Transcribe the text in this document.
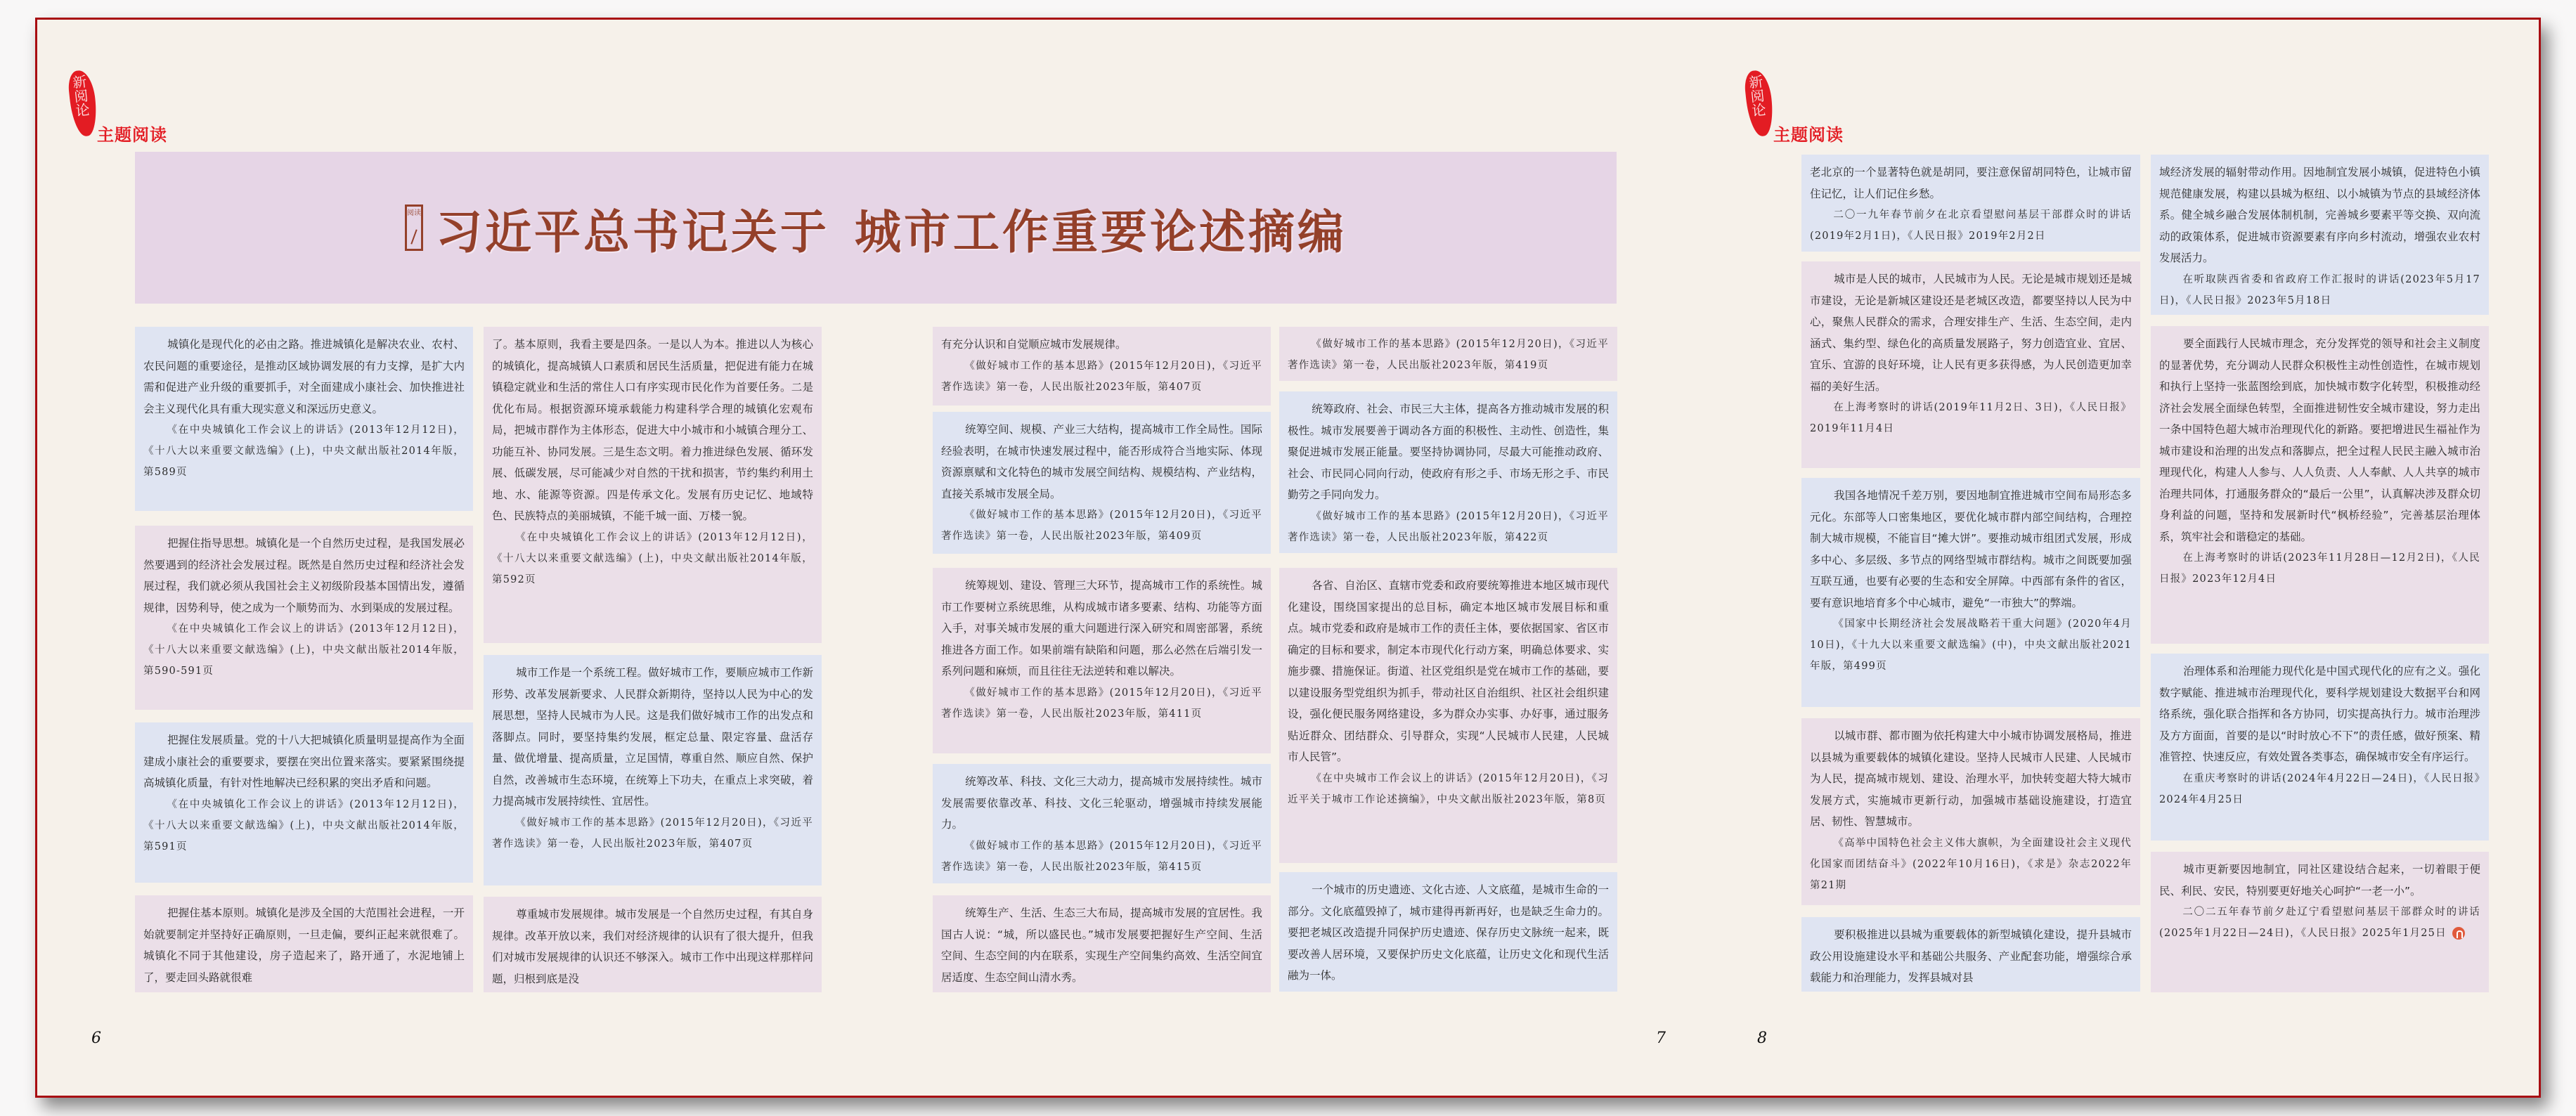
新阅论
主题阅读
新阅论
主题阅读
阅读 习近平总书记关于 城市工作重要论述摘编

城镇化是现代化的必由之路。推进城镇化是解决农业、农村、农民问题的重要途径，是推动区域协调发展的有力支撑，是扩大内需和促进产业升级的重要抓手，对全面建成小康社会、加快推进社会主义现代化具有重大现实意义和深远历史意义。

《在中央城镇化工作会议上的讲话》(2013年12月12日)，《十八大以来重要文献选编》(上)，中央文献出版社2014年版，第589页

把握住指导思想。城镇化是一个自然历史过程，是我国发展必然要遇到的经济社会发展过程。既然是自然历史过程和经济社会发展过程，我们就必须从我国社会主义初级阶段基本国情出发，遵循规律，因势利导，使之成为一个顺势而为、水到渠成的发展过程。

《在中央城镇化工作会议上的讲话》(2013年12月12日)，《十八大以来重要文献选编》(上)，中央文献出版社2014年版，第590-591页

把握住发展质量。党的十八大把城镇化质量明显提高作为全面建成小康社会的重要要求，要摆在突出位置来落实。要紧紧围绕提高城镇化质量，有针对性地解决已经积累的突出矛盾和问题。

《在中央城镇化工作会议上的讲话》(2013年12月12日)，《十八大以来重要文献选编》(上)，中央文献出版社2014年版，第591页

把握住基本原则。城镇化是涉及全国的大范围社会进程，一开始就要制定并坚持好正确原则，一旦走偏，要纠正起来就很难了。城镇化不同于其他建设，房子造起来了，路开通了，水泥地铺上了，要走回头路就很难

了。基本原则，我看主要是四条。一是以人为本。推进以人为核心的城镇化，提高城镇人口素质和居民生活质量，把促进有能力在城镇稳定就业和生活的常住人口有序实现市民化作为首要任务。二是优化布局。根据资源环境承载能力构建科学合理的城镇化宏观布局，把城市群作为主体形态，促进大中小城市和小城镇合理分工、功能互补、协同发展。三是生态文明。着力推进绿色发展、循环发展、低碳发展，尽可能减少对自然的干扰和损害，节约集约利用土地、水、能源等资源。四是传承文化。发展有历史记忆、地域特色、民族特点的美丽城镇，不能千城一面、万楼一貌。

《在中央城镇化工作会议上的讲话》(2013年12月12日)，《十八大以来重要文献选编》(上)，中央文献出版社2014年版，第592页

城市工作是一个系统工程。做好城市工作，要顺应城市工作新形势、改革发展新要求、人民群众新期待，坚持以人民为中心的发展思想，坚持人民城市为人民。这是我们做好城市工作的出发点和落脚点。同时，要坚持集约发展，框定总量、限定容量、盘活存量、做优增量、提高质量，立足国情，尊重自然、顺应自然、保护自然，改善城市生态环境，在统筹上下功夫，在重点上求突破，着力提高城市发展持续性、宜居性。

《做好城市工作的基本思路》(2015年12月20日)，《习近平著作选读》第一卷，人民出版社2023年版，第407页

尊重城市发展规律。城市发展是一个自然历史过程，有其自身规律。改革开放以来，我们对经济规律的认识有了很大提升，但我们对城市发展规律的认识还不够深入。城市工作中出现这样那样问题，归根到底是没

有充分认识和自觉顺应城市发展规律。

《做好城市工作的基本思路》(2015年12月20日)，《习近平著作选读》第一卷，人民出版社2023年版，第407页

统筹空间、规模、产业三大结构，提高城市工作全局性。国际经验表明，在城市快速发展过程中，能否形成符合当地实际、体现资源禀赋和文化特色的城市发展空间结构、规模结构、产业结构，直接关系城市发展全局。

《做好城市工作的基本思路》(2015年12月20日)，《习近平著作选读》第一卷，人民出版社2023年版，第409页

统筹规划、建设、管理三大环节，提高城市工作的系统性。城市工作要树立系统思维，从构成城市诸多要素、结构、功能等方面入手，对事关城市发展的重大问题进行深入研究和周密部署，系统推进各方面工作。如果前端有缺陷和问题，那么必然在后端引发一系列问题和麻烦，而且往往无法逆转和难以解决。

《做好城市工作的基本思路》(2015年12月20日)，《习近平著作选读》第一卷，人民出版社2023年版，第411页

统筹改革、科技、文化三大动力，提高城市发展持续性。城市发展需要依靠改革、科技、文化三轮驱动，增强城市持续发展能力。

《做好城市工作的基本思路》(2015年12月20日)，《习近平著作选读》第一卷，人民出版社2023年版，第415页

统筹生产、生活、生态三大布局，提高城市发展的宜居性。我国古人说：“城，所以盛民也。”城市发展要把握好生产空间、生活空间、生态空间的内在联系，实现生产空间集约高效、生活空间宜居适度、生态空间山清水秀。

《做好城市工作的基本思路》(2015年12月20日)，《习近平著作选读》第一卷，人民出版社2023年版，第419页

统筹政府、社会、市民三大主体，提高各方推动城市发展的积极性。城市发展要善于调动各方面的积极性、主动性、创造性，集聚促进城市发展正能量。要坚持协调协同，尽最大可能推动政府、社会、市民同心同向行动，使政府有形之手、市场无形之手、市民勤劳之手同向发力。

《做好城市工作的基本思路》(2015年12月20日)，《习近平著作选读》第一卷，人民出版社2023年版，第422页

各省、自治区、直辖市党委和政府要统筹推进本地区城市现代化建设，围绕国家提出的总目标，确定本地区城市发展目标和重点。城市党委和政府是城市工作的责任主体，要依据国家、省区市确定的目标和要求，制定本市现代化行动方案，明确总体要求、实施步骤、措施保证。街道、社区党组织是党在城市工作的基础，要以建设服务型党组织为抓手，带动社区自治组织、社区社会组织建设，强化便民服务网络建设，多为群众办实事、办好事，通过服务贴近群众、团结群众、引导群众，实现“人民城市人民建，人民城市人民管”。

《在中央城市工作会议上的讲话》(2015年12月20日)，《习近平关于城市工作论述摘编》，中央文献出版社2023年版，第8页

一个城市的历史遗迹、文化古迹、人文底蕴，是城市生命的一部分。文化底蕴毁掉了，城市建得再新再好，也是缺乏生命力的。要把老城区改造提升同保护历史遗迹、保存历史文脉统一起来，既要改善人居环境，又要保护历史文化底蕴，让历史文化和现代生活融为一体。

老北京的一个显著特色就是胡同，要注意保留胡同特色，让城市留住记忆，让人们记住乡愁。

二〇一九年春节前夕在北京看望慰问基层干部群众时的讲话(2019年2月1日)，《人民日报》2019年2月2日

城市是人民的城市，人民城市为人民。无论是城市规划还是城市建设，无论是新城区建设还是老城区改造，都要坚持以人民为中心，聚焦人民群众的需求，合理安排生产、生活、生态空间，走内涵式、集约型、绿色化的高质量发展路子，努力创造宜业、宜居、宜乐、宜游的良好环境，让人民有更多获得感，为人民创造更加幸福的美好生活。

在上海考察时的讲话(2019年11月2日、3日)，《人民日报》2019年11月4日

我国各地情况千差万别，要因地制宜推进城市空间布局形态多元化。东部等人口密集地区，要优化城市群内部空间结构，合理控制大城市规模，不能盲目“摊大饼”。要推动城市组团式发展，形成多中心、多层级、多节点的网络型城市群结构。城市之间既要加强互联互通，也要有必要的生态和安全屏障。中西部有条件的省区，要有意识地培育多个中心城市，避免“一市独大”的弊端。

《国家中长期经济社会发展战略若干重大问题》(2020年4月10日)，《十九大以来重要文献选编》(中)，中央文献出版社2021年版，第499页

以城市群、都市圈为依托构建大中小城市协调发展格局，推进以县城为重要载体的城镇化建设。坚持人民城市人民建、人民城市为人民，提高城市规划、建设、治理水平，加快转变超大特大城市发展方式，实施城市更新行动，加强城市基础设施建设，打造宜居、韧性、智慧城市。

《高举中国特色社会主义伟大旗帜，为全面建设社会主义现代化国家而团结奋斗》(2022年10月16日)，《求是》杂志2022年第21期

要积极推进以县城为重要载体的新型城镇化建设，提升县城市政公用设施建设水平和基础公共服务、产业配套功能，增强综合承载能力和治理能力，发挥县城对县

域经济发展的辐射带动作用。因地制宜发展小城镇，促进特色小镇规范健康发展，构建以县城为枢纽、以小城镇为节点的县域经济体系。健全城乡融合发展体制机制，完善城乡要素平等交换、双向流动的政策体系，促进城市资源要素有序向乡村流动，增强农业农村发展活力。

在听取陕西省委和省政府工作汇报时的讲话(2023年5月17日)，《人民日报》2023年5月18日

要全面践行人民城市理念，充分发挥党的领导和社会主义制度的显著优势，充分调动人民群众积极性主动性创造性，在城市规划和执行上坚持一张蓝图绘到底，加快城市数字化转型，积极推动经济社会发展全面绿色转型，全面推进韧性安全城市建设，努力走出一条中国特色超大城市治理现代化的新路。要把增进民生福祉作为城市建设和治理的出发点和落脚点，把全过程人民民主融入城市治理现代化，构建人人参与、人人负责、人人奉献、人人共享的城市治理共同体，打通服务群众的“最后一公里”，认真解决涉及群众切身利益的问题，坚持和发展新时代“枫桥经验”，完善基层治理体系，筑牢社会和谐稳定的基础。

在上海考察时的讲话(2023年11月28日—12月2日)，《人民日报》2023年12月4日

治理体系和治理能力现代化是中国式现代化的应有之义。强化数字赋能、推进城市治理现代化，要科学规划建设大数据平台和网络系统，强化联合指挥和各方协同，切实提高执行力。城市治理涉及方方面面，首要的是以“时时放心不下”的责任感，做好预案、精准管控、快速反应，有效处置各类事态，确保城市安全有序运行。

在重庆考察时的讲话(2024年4月22日—24日)，《人民日报》2024年4月25日

城市更新要因地制宜，同社区建设结合起来，一切着眼于便民、利民、安民，特别要更好地关心呵护“一老一小”。

二〇二五年春节前夕赴辽宁看望慰问基层干部群众时的讲话(2025年1月22日—24日)，《人民日报》2025年1月25日

6	7	8
